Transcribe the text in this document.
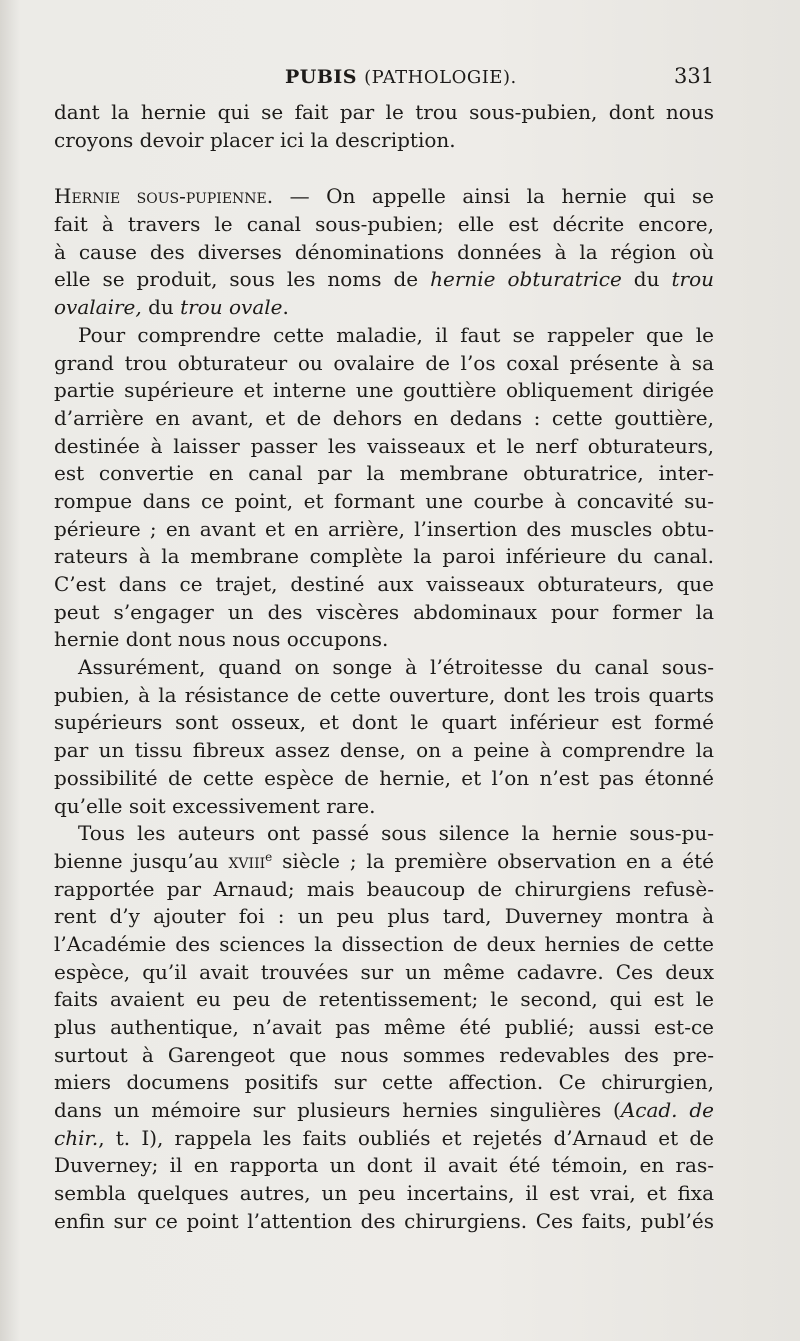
PUBIS (PATHOLOGIE).	331
dant la hernie qui se fait par le trou sous-pubien, dont nous
croyons devoir placer ici la description.
Hernie sous-pupienne. — On appelle ainsi la hernie qui se
fait à travers le canal sous-pubien; elle est décrite encore,
à cause des diverses dénominations données à la région où
elle se produit, sous les noms de hernie obturatrice du trou
ovalaire, du trou ovale.
Pour comprendre cette maladie, il faut se rappeler que le
grand trou obturateur ou ovalaire de l’os coxal présente à sa
partie supérieure et interne une gouttière obliquement dirigée
d’arrière en avant, et de dehors en dedans : cette gouttière,
destinée à laisser passer les vaisseaux et le nerf obturateurs,
est convertie en canal par la membrane obturatrice, inter-
rompue dans ce point, et formant une courbe à concavité su-
périeure ; en avant et en arrière, l’insertion des muscles obtu-
rateurs à la membrane complète la paroi inférieure du canal.
C’est dans ce trajet, destiné aux vaisseaux obturateurs, que
peut s’engager un des viscères abdominaux pour former la
hernie dont nous nous occupons.
Assurément, quand on songe à l’étroitesse du canal sous-
pubien, à la résistance de cette ouverture, dont les trois quarts
supérieurs sont osseux, et dont le quart inférieur est formé
par un tissu fibreux assez dense, on a peine à comprendre la
possibilité de cette espèce de hernie, et l’on n’est pas étonné
qu’elle soit excessivement rare.
Tous les auteurs ont passé sous silence la hernie sous-pu-
bienne jusqu’au xviii$^e$ siècle ; la première observation en a été
rapportée par Arnaud; mais beaucoup de chirurgiens refusè-
rent d’y ajouter foi : un peu plus tard, Duverney montra à
l’Académie des sciences la dissection de deux hernies de cette
espèce, qu’il avait trouvées sur un même cadavre. Ces deux
faits avaient eu peu de retentissement; le second, qui est le
plus authentique, n’avait pas même été publié; aussi est-ce
surtout à Garengeot que nous sommes redevables des pre-
miers documens positifs sur cette affection. Ce chirurgien,
dans un mémoire sur plusieurs hernies singulières (Acad. de
chir., t. I), rappela les faits oubliés et rejetés d’Arnaud et de
Duverney; il en rapporta un dont il avait été témoin, en ras-
sembla quelques autres, un peu incertains, il est vrai, et fixa
enfin sur ce point l’attention des chirurgiens. Ces faits, publ’és
